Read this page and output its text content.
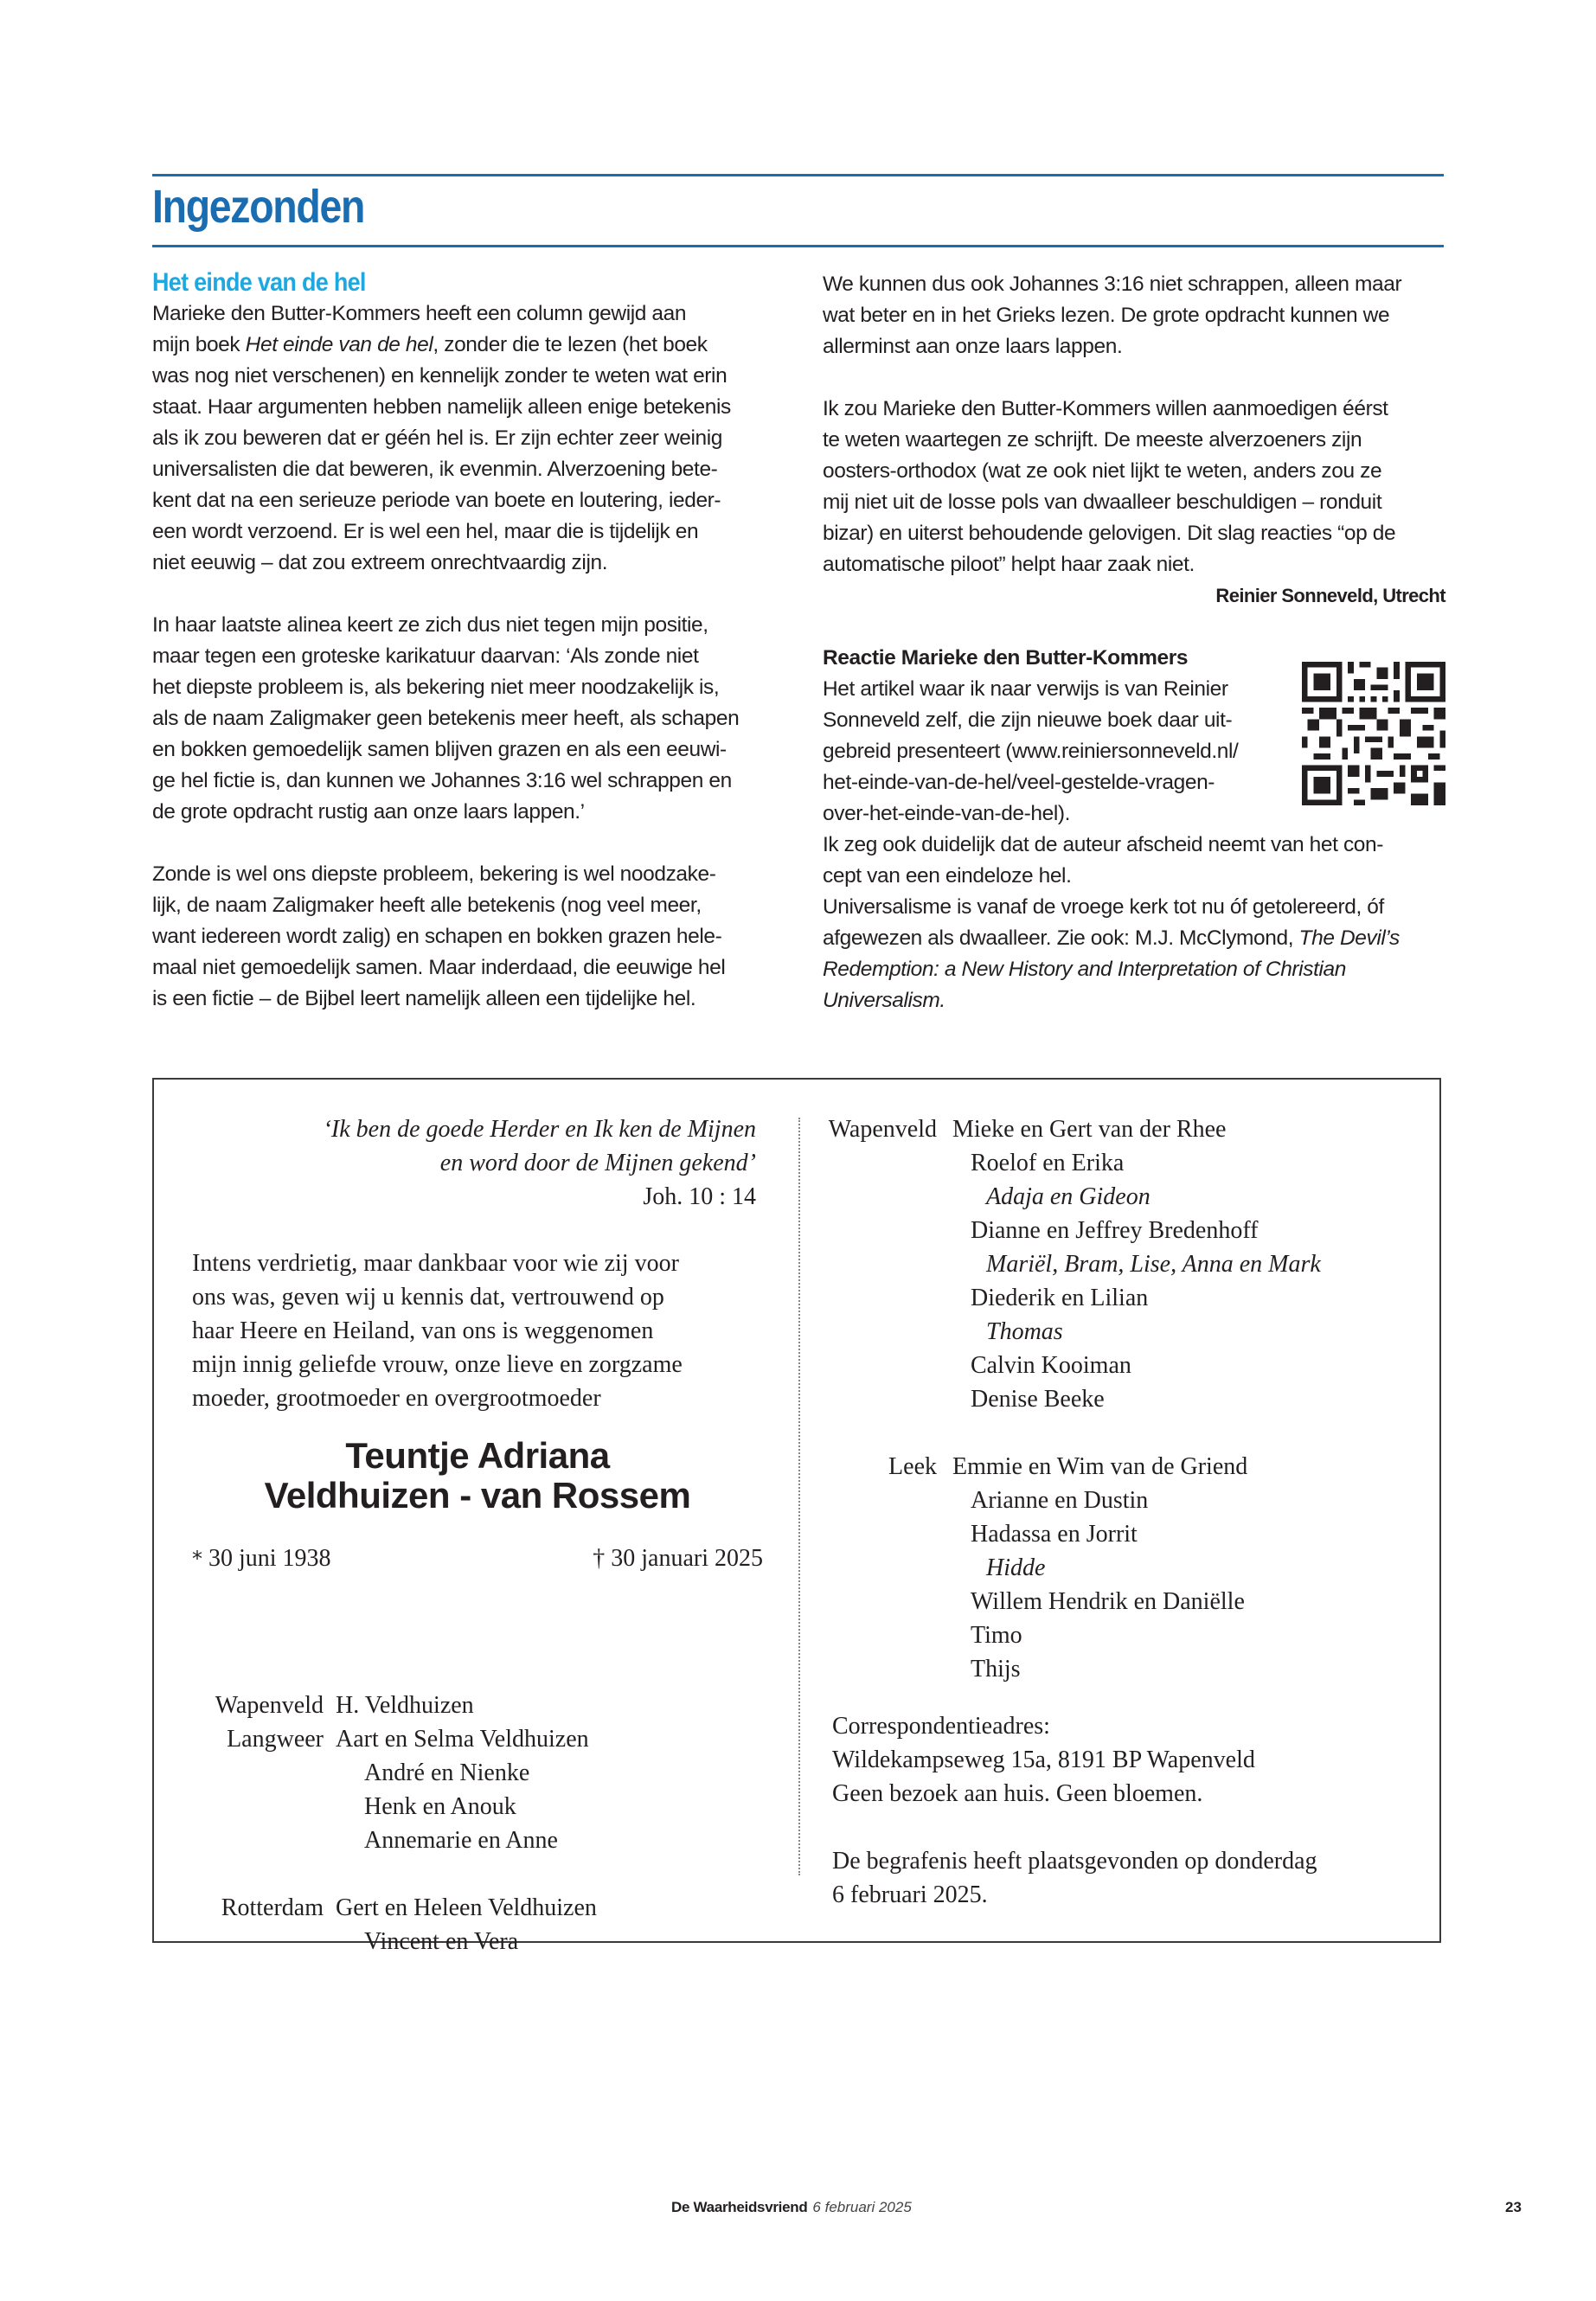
Ingezonden
Het einde van de hel

Marieke den Butter-Kommers heeft een column gewijd aan
mijn boek Het einde van de hel, zonder die te lezen (het boek
was nog niet verschenen) en kennelijk zonder te weten wat erin
staat. Haar argumenten hebben namelijk alleen enige betekenis
als ik zou beweren dat er géén hel is. Er zijn echter zeer weinig
universalisten die dat beweren, ik evenmin. Alverzoening bete-
kent dat na een serieuze periode van boete en loutering, ieder-
een wordt verzoend. Er is wel een hel, maar die is tijdelijk en
niet eeuwig – dat zou extreem onrechtvaardig zijn.

In haar laatste alinea keert ze zich dus niet tegen mijn positie,
maar tegen een groteske karikatuur daarvan: ‘Als zonde niet
het diepste probleem is, als bekering niet meer noodzakelijk is,
als de naam Zaligmaker geen betekenis meer heeft, als schapen
en bokken gemoedelijk samen blijven grazen en als een eeuwi-
ge hel fictie is, dan kunnen we Johannes 3:16 wel schrappen en
de grote opdracht rustig aan onze laars lappen.’

Zonde is wel ons diepste probleem, bekering is wel noodzake-
lijk, de naam Zaligmaker heeft alle betekenis (nog veel meer,
want iedereen wordt zalig) en schapen en bokken grazen hele-
maal niet gemoedelijk samen. Maar inderdaad, die eeuwige hel
is een fictie – de Bijbel leert namelijk alleen een tijdelijke hel.

We kunnen dus ook Johannes 3:16 niet schrappen, alleen maar
wat beter en in het Grieks lezen. De grote opdracht kunnen we
allerminst aan onze laars lappen.

Ik zou Marieke den Butter-Kommers willen aanmoedigen éérst
te weten waartegen ze schrijft. De meeste alverzoeners zijn
oosters-orthodox (wat ze ook niet lijkt te weten, anders zou ze
mij niet uit de losse pols van dwaalleer beschuldigen – ronduit
bizar) en uiterst behoudende gelovigen. Dit slag reacties “op de
automatische piloot” helpt haar zaak niet.

Reinier Sonneveld, Utrecht
Reactie Marieke den Butter-Kommers
Het artikel waar ik naar verwijs is van Reinier
Sonneveld zelf, die zijn nieuwe boek daar uit-
gebreid presenteert (www.reiniersonneveld.nl/
het-einde-van-de-hel/veel-gestelde-vragen-
over-het-einde-van-de-hel).
Ik zeg ook duidelijk dat de auteur afscheid neemt van het con-
cept van een eindeloze hel.
Universalisme is vanaf de vroege kerk tot nu óf getolereerd, óf
afgewezen als dwaalleer. Zie ook: M.J. McClymond, The Devil’s
Redemption: a New History and Interpretation of Christian
Universalism.
‘Ik ben de goede Herder en Ik ken de Mijnen
en word door de Mijnen gekend’
Joh. 10 : 14
Intens verdrietig, maar dankbaar voor wie zij voor
ons was, geven wij u kennis dat, vertrouwend op
haar Heere en Heiland, van ons is weggenomen
mijn innig geliefde vrouw, onze lieve en zorgzame
moeder, grootmoeder en overgrootmoeder
Teuntje Adriana
Veldhuizen - van Rossem
* 30 juni 1938	† 30 januari 2025
Wapenveld H. Veldhuizen
Langweer Aart en Selma Veldhuizen
André en Nienke
Henk en Anouk
Annemarie en Anne
Rotterdam Gert en Heleen Veldhuizen
Vincent en Vera
Wapenveld Mieke en Gert van der Rhee
Roelof en Erika
Adaja en Gideon
Dianne en Jeffrey Bredenhoff
Mariël, Bram, Lise, Anna en Mark
Diederik en Lilian
Thomas
Calvin Kooiman
Denise Beeke
Leek Emmie en Wim van de Griend
Arianne en Dustin
Hadassa en Jorrit
Hidde
Willem Hendrik en Daniëlle
Timo
Thijs

Correspondentieadres:
Wildekampseweg 15a, 8191 BP Wapenveld
Geen bezoek aan huis. Geen bloemen.

De begrafenis heeft plaatsgevonden op donderdag
6 februari 2025.

De Waarheidsvriend 6 februari 2025	23
